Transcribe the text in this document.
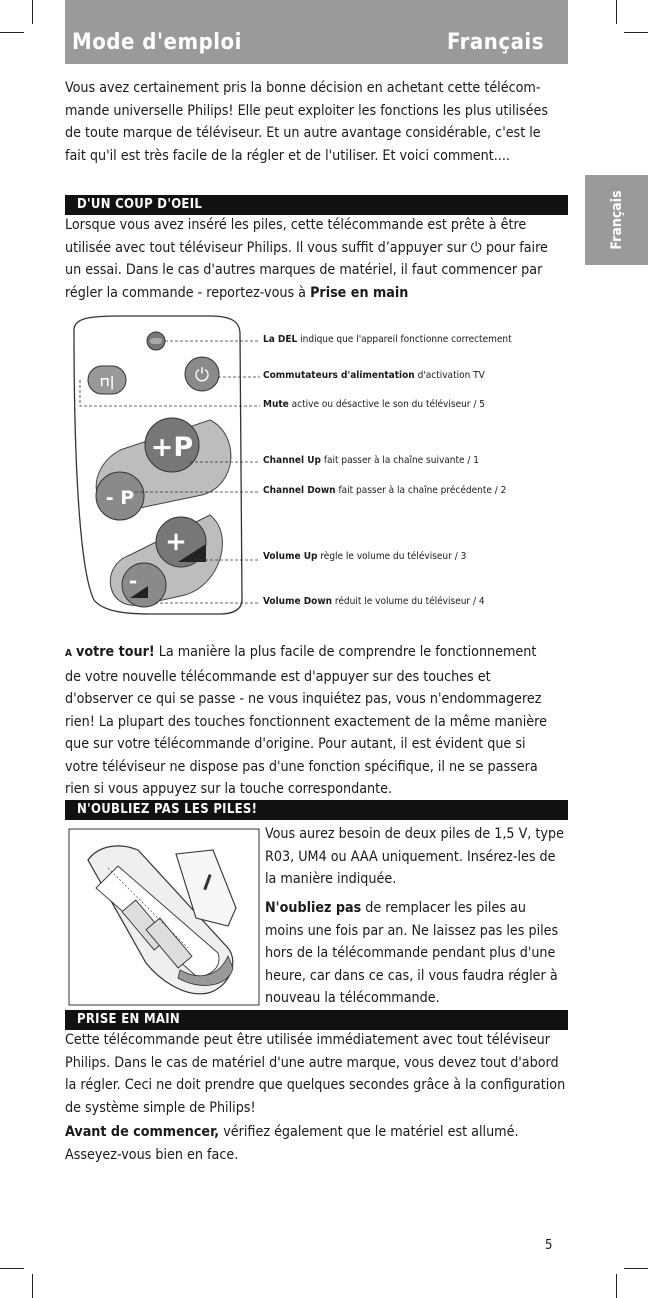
Mode d'emploi	Français
Français

Vous avez certainement pris la bonne décision en achetant cette télécom-mande universelle Philips! Elle peut exploiter les fonctions les plus utilisées de toute marque de téléviseur. Et un autre avantage considérable, c'est le fait qu'il est très facile de la régler et de l'utiliser. Et voici comment....

D'UN COUP D'OEIL

Lorsque vous avez inséré les piles, cette télécommande est prête à être utilisée avec tout téléviseur Philips. Il vous suffit d’appuyer sur ⏻ pour faire un essai. Dans le cas d'autres marques de matériel, il faut commencer par régler la commande - reportez-vous à Prise en main

⏻
⊓|
+P
- P
+
-
La DEL indique que l'appareil fonctionne correctement
Commutateurs d'alimentation d'activation TV
Mute active ou désactive le son du téléviseur / 5
Channel Up fait passer à la chaîne suivante / 1
Channel Down fait passer à la chaîne précédente / 2
Volume Up règle le volume du téléviseur / 3
Volume Down réduit le volume du téléviseur / 4

A votre tour! La manière la plus facile de comprendre le fonctionnement de votre nouvelle télécommande est d'appuyer sur des touches et d'observer ce qui se passe - ne vous inquiétez pas, vous n'endommagerez rien! La plupart des touches fonctionnent exactement de la même manière que sur votre télécommande d'origine. Pour autant, il est évident que si votre téléviseur ne dispose pas d'une fonction spécifique, il ne se passera rien si vous appuyez sur la touche correspondante.

N'OUBLIEZ PAS LES PILES!

Vous aurez besoin de deux piles de 1,5 V, type R03, UM4 ou AAA uniquement. Insérez-les de la manière indiquée.

N'oubliez pas de remplacer les piles au moins une fois par an. Ne laissez pas les piles hors de la télécommande pendant plus d'une heure, car dans ce cas, il vous faudra régler à nouveau la télécommande.

PRISE EN MAIN

Cette télécommande peut être utilisée immédiatement avec tout téléviseur Philips. Dans le cas de matériel d'une autre marque, vous devez tout d'abord la régler. Ceci ne doit prendre que quelques secondes grâce à la configuration de système simple de Philips!

Avant de commencer, vérifiez également que le matériel est allumé. Asseyez-vous bien en face.

5
